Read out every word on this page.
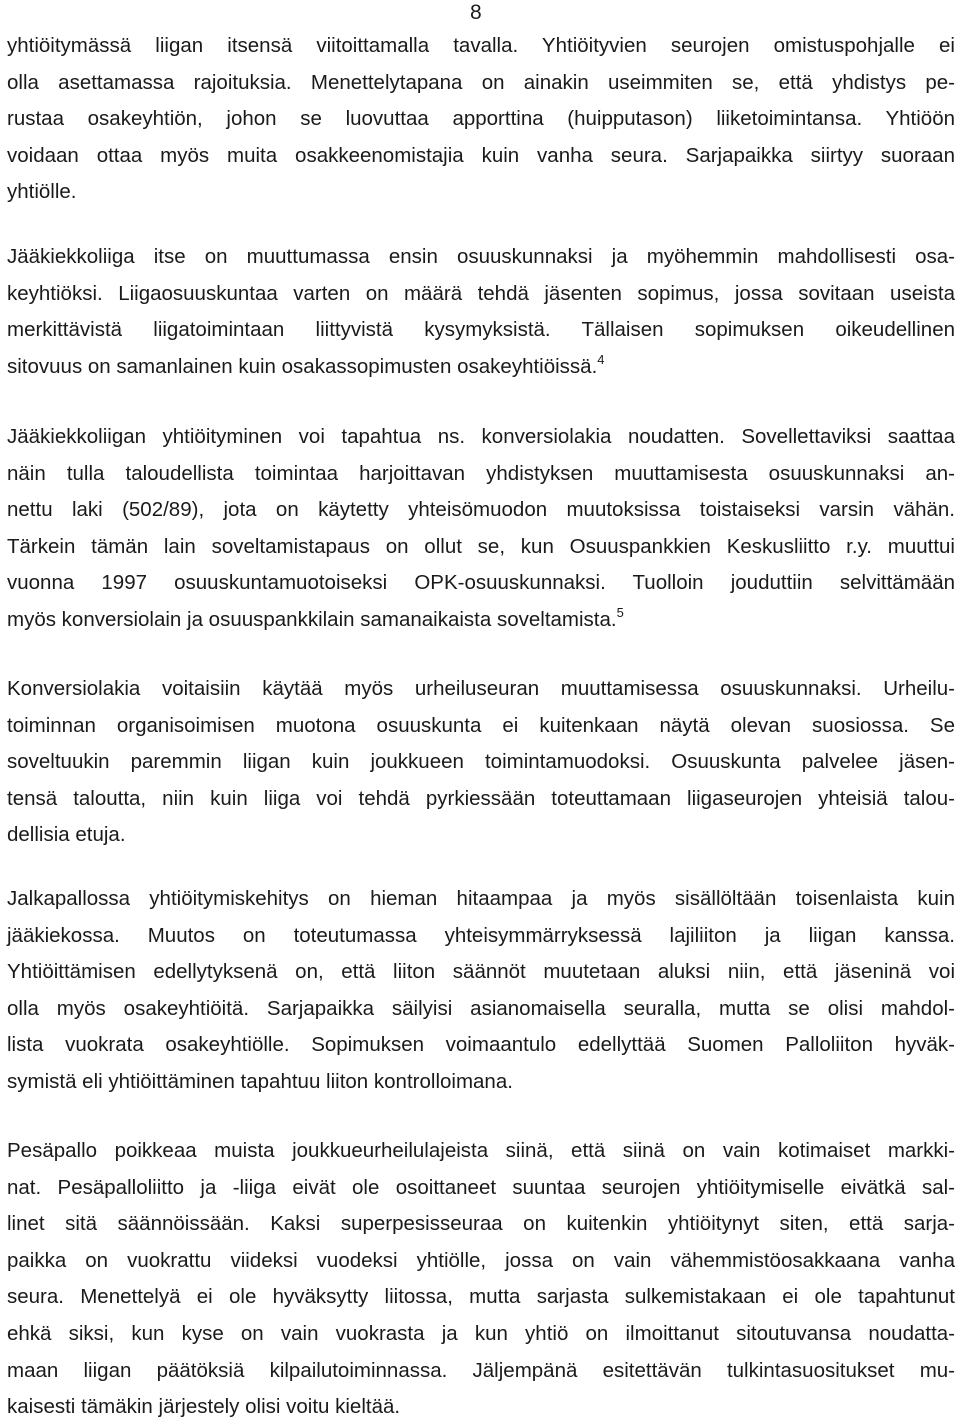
8
yhtiöitymässä liigan itsensä viitoittamalla tavalla. Yhtiöityvien seurojen omistuspohjalle ei
olla asettamassa rajoituksia. Menettelytapana on ainakin useimmiten se, että yhdistys pe-
rustaa osakeyhtiön, johon se luovuttaa apporttina (huipputason) liiketoimintansa. Yhtiöön
voidaan ottaa myös muita osakkeenomistajia kuin vanha seura. Sarjapaikka siirtyy suoraan
yhtiölle.
Jääkiekkoliiga itse on muuttumassa ensin osuuskunnaksi ja myöhemmin mahdollisesti osa-
keyhtiöksi. Liigaosuuskuntaa varten on määrä tehdä jäsenten sopimus, jossa sovitaan useista
merkittävistä liigatoimintaan liittyvistä kysymyksistä. Tällaisen sopimuksen oikeudellinen
sitovuus on samanlainen kuin osakassopimusten osakeyhtiöissä.$^4$
Jääkiekkoliigan yhtiöityminen voi tapahtua ns. konversiolakia noudatten. Sovellettaviksi saattaa
näin tulla taloudellista toimintaa harjoittavan yhdistyksen muuttamisesta osuuskunnaksi an-
nettu laki (502/89), jota on käytetty yhteisömuodon muutoksissa toistaiseksi varsin vähän.
Tärkein tämän lain soveltamistapaus on ollut se, kun Osuuspankkien Keskusliitto r.y. muuttui
vuonna 1997 osuuskuntamuotoiseksi OPK-osuuskunnaksi. Tuolloin jouduttiin selvittämään
myös konversiolain ja osuuspankkilain samanaikaista soveltamista.$^5$
Konversiolakia voitaisiin käytää myös urheiluseuran muuttamisessa osuuskunnaksi. Urheilu-
toiminnan organisoimisen muotona osuuskunta ei kuitenkaan näytä olevan suosiossa. Se
soveltuukin paremmin liigan kuin joukkueen toimintamuodoksi. Osuuskunta palvelee jäsen-
tensä taloutta, niin kuin liiga voi tehdä pyrkiessään toteuttamaan liigaseurojen yhteisiä talou-
dellisia etuja.
Jalkapallossa yhtiöitymiskehitys on hieman hitaampaa ja myös sisällöltään toisenlaista kuin
jääkiekossa. Muutos on toteutumassa yhteisymmärryksessä lajiliiton ja liigan kanssa.
Yhtiöittämisen edellytyksenä on, että liiton säännöt muutetaan aluksi niin, että jäseninä voi
olla myös osakeyhtiöitä. Sarjapaikka säilyisi asianomaisella seuralla, mutta se olisi mahdol-
lista vuokrata osakeyhtiölle. Sopimuksen voimaantulo edellyttää Suomen Palloliiton hyväk-
symistä eli yhtiöittäminen tapahtuu liiton kontrolloimana.
Pesäpallo poikkeaa muista joukkueurheilulajeista siinä, että siinä on vain kotimaiset markki-
nat. Pesäpalloliitto ja -liiga eivät ole osoittaneet suuntaa seurojen yhtiöitymiselle eivätkä sal-
linet sitä säännöissään. Kaksi superpesisseuraa on kuitenkin yhtiöitynyt siten, että sarja-
paikka on vuokrattu viideksi vuodeksi yhtiölle, jossa on vain vähemmistöosakkaana vanha
seura. Menettelyä ei ole hyväksytty liitossa, mutta sarjasta sulkemistakaan ei ole tapahtunut
ehkä siksi, kun kyse on vain vuokrasta ja kun yhtiö on ilmoittanut sitoutuvansa noudatta-
maan liigan päätöksiä kilpailutoiminnassa. Jäljempänä esitettävän tulkintasuositukset mu-
kaisesti tämäkin järjestely olisi voitu kieltää.
